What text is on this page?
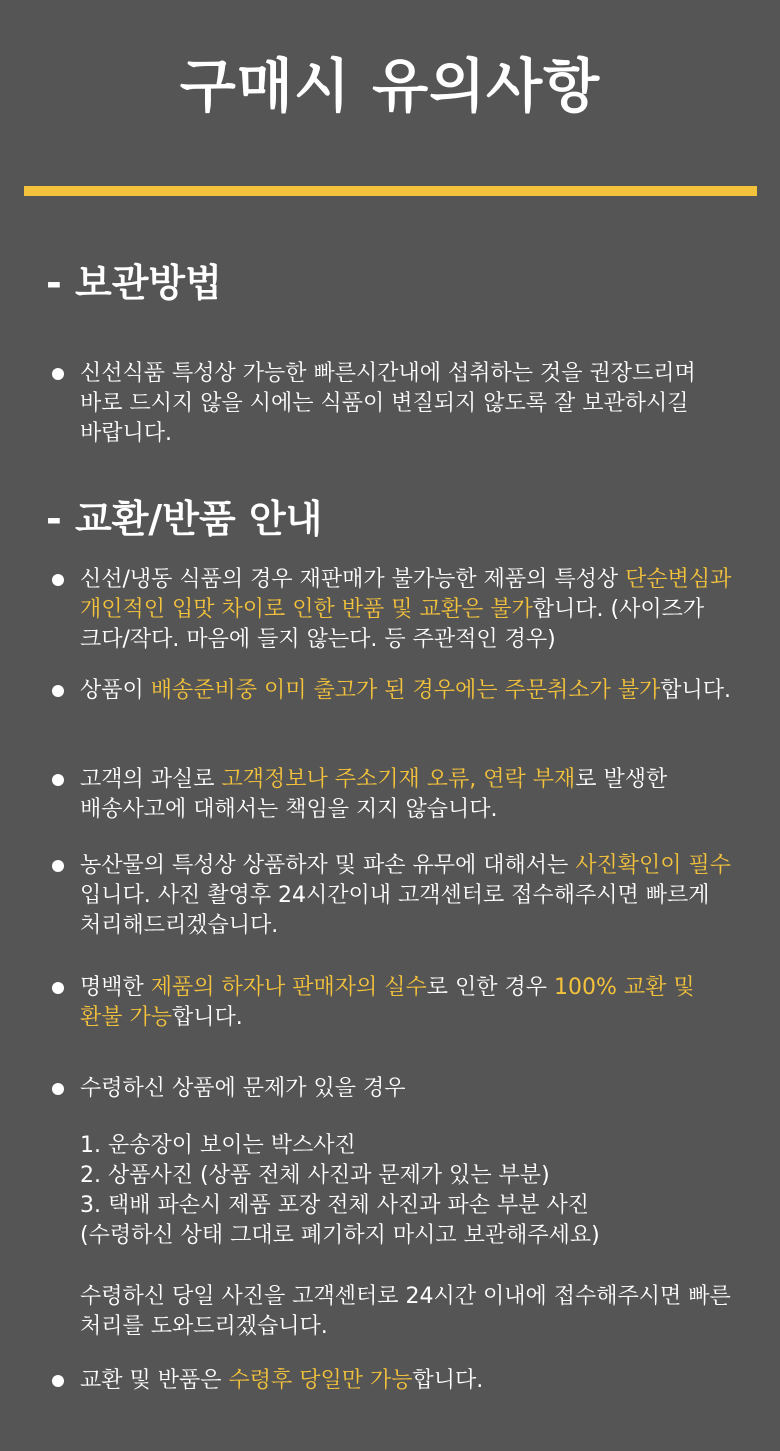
구매시 유의사항
- 보관방법
신선식품 특성상 가능한 빠른시간내에 섭취하는 것을 권장드리며 바로 드시지 않을 시에는 식품이 변질되지 않도록 잘 보관하시길 바랍니다.
- 교환/반품 안내
신선/냉동 식품의 경우 재판매가 불가능한 제품의 특성상 단순변심과 개인적인 입맛 차이로 인한 반품 및 교환은 불가합니다. (사이즈가 크다/작다. 마음에 들지 않는다. 등 주관적인 경우)
상품이 배송준비중 이미 출고가 된 경우에는 주문취소가 불가합니다.
고객의 과실로 고객정보나 주소기재 오류, 연락 부재로 발생한 배송사고에 대해서는 책임을 지지 않습니다.
농산물의 특성상 상품하자 및 파손 유무에 대해서는 사진확인이 필수 입니다. 사진 촬영후 24시간이내 고객센터로 접수해주시면 빠르게 처리해드리겠습니다.
명백한 제품의 하자나 판매자의 실수로 인한 경우 100% 교환 및 환불 가능합니다.
수령하신 상품에 문제가 있을 경우
1. 운송장이 보이는 박스사진
2. 상품사진 (상품 전체 사진과 문제가 있는 부분)
3. 택배 파손시 제품 포장 전체 사진과 파손 부분 사진
(수령하신 상태 그대로 폐기하지 마시고 보관해주세요)
수령하신 당일 사진을 고객센터로 24시간 이내에 접수해주시면 빠른 처리를 도와드리겠습니다.
교환 및 반품은 수령후 당일만 가능합니다.
